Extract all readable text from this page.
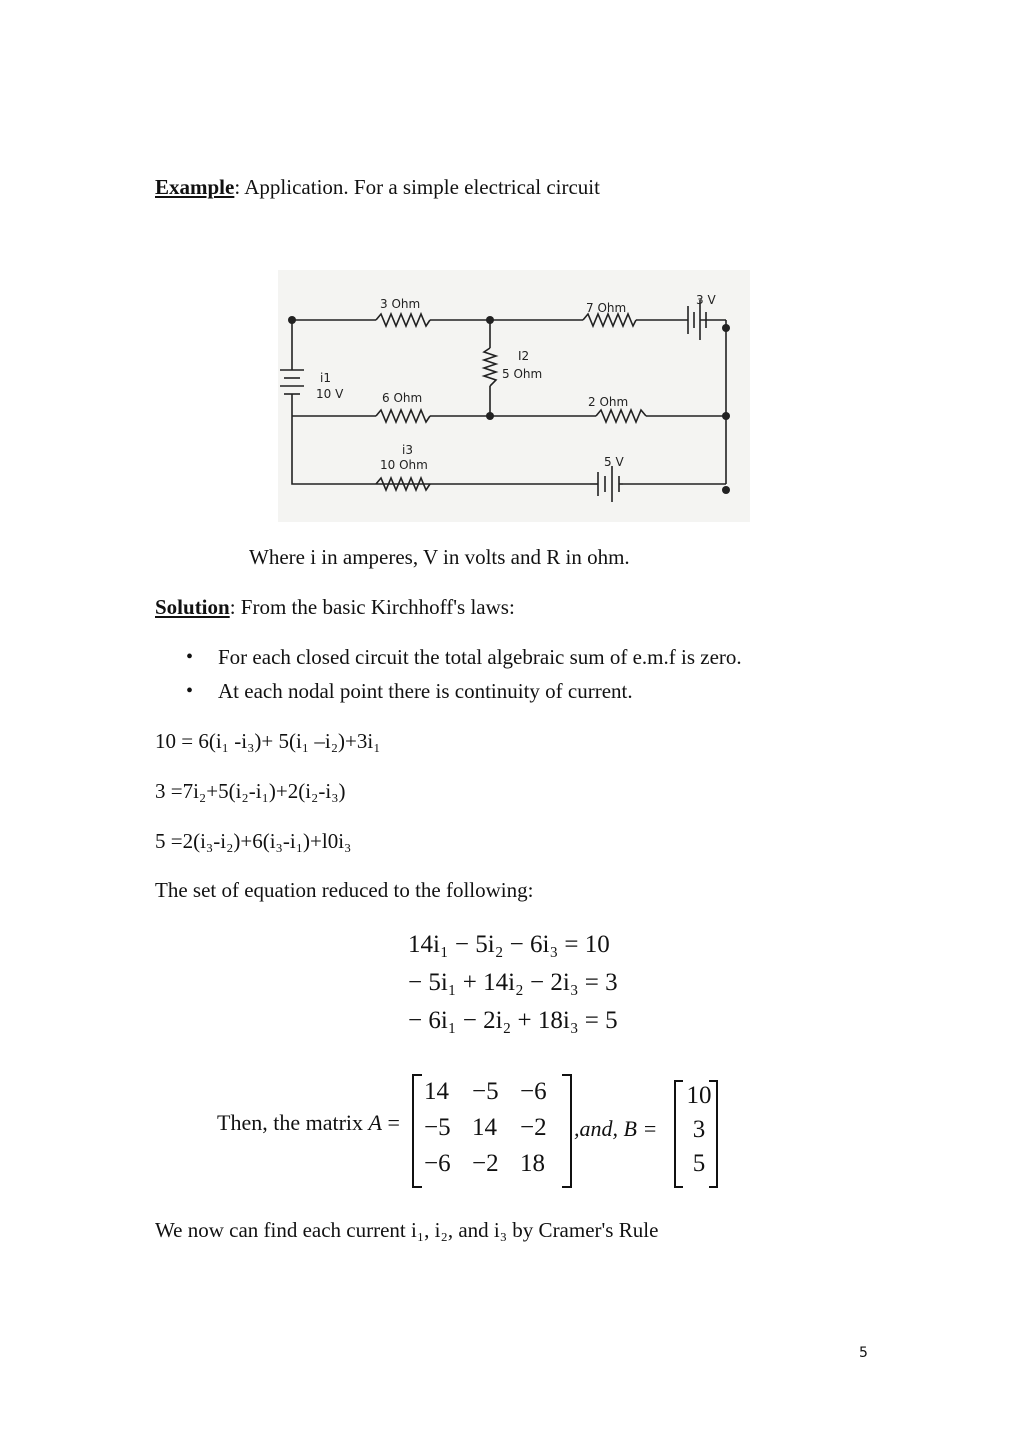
Example: Application. For a simple electrical circuit
3 Ohm	7 Ohm
3 V
I2
5 Ohm
i1
10 V	6 Ohm	2 Ohm
i3
10 Ohm	5 V
Where i in amperes, V in volts and R in ohm.
Solution: From the basic Kirchhoff's laws:
• For each closed circuit the total algebraic sum of e.m.f is zero.
• At each nodal point there is continuity of current.
10 = 6(i₁ -i₃)+ 5(i₁ –i₂)+3i₁
3 =7i₂+5(i₂-i₁)+2(i₂-i₃)
5 =2(i₃-i₂)+6(i₃-i₁)+l0i₃
The set of equation reduced to the following:
14i₁ − 5i₂ − 6i₃ = 10
− 5i₁ + 14i₂ − 2i₃ = 3
− 6i₁ − 2i₂ + 18i₃ = 5
Then, the matrix A =
14 −5 −6
−5 14 −2
−6 −2 18
,and, B =
10
3
5
We now can find each current i₁, i₂, and i₃ by Cramer's Rule
5
